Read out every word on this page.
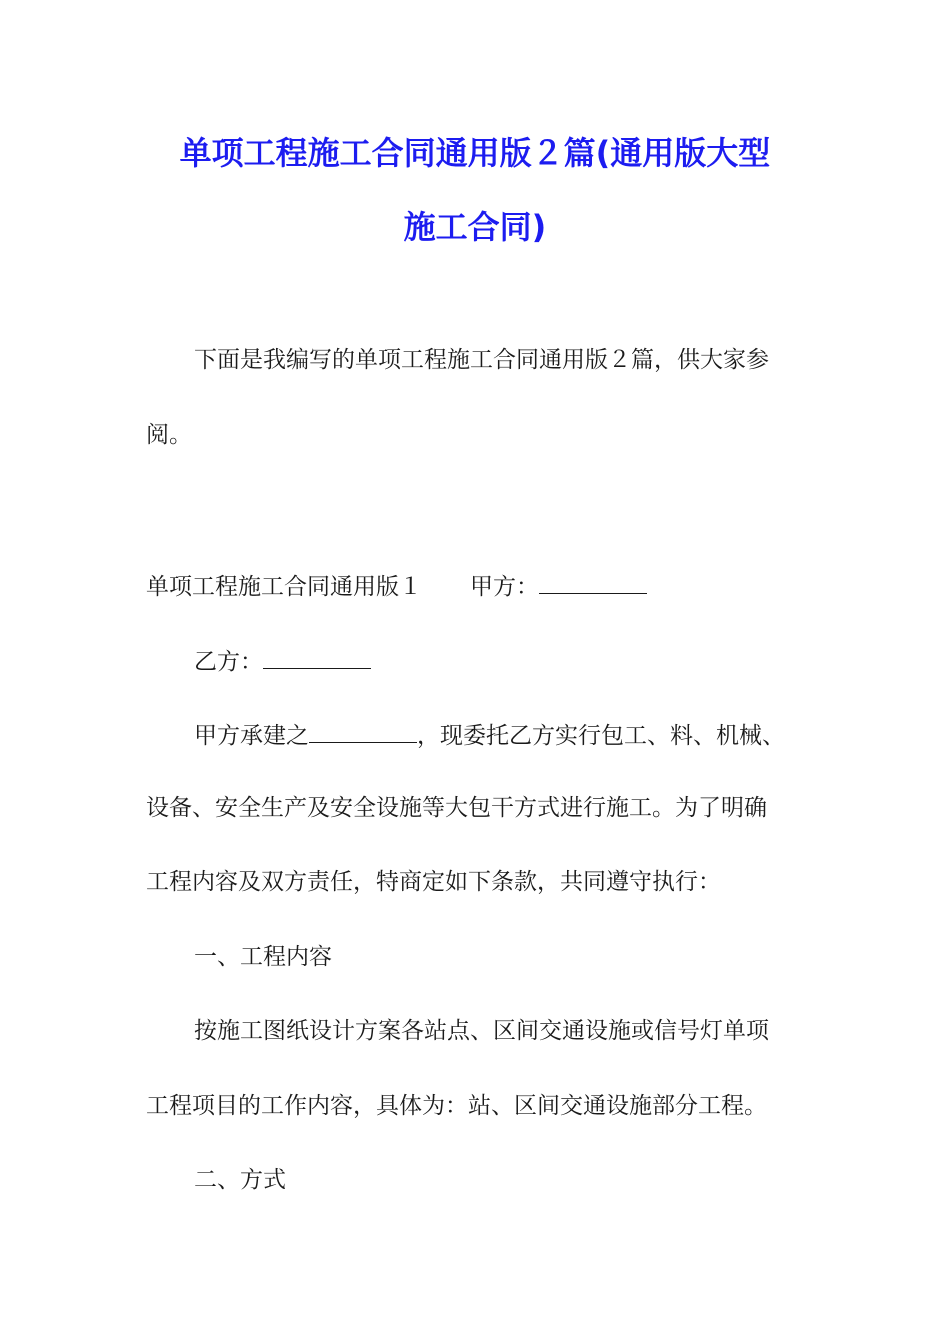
单项工程施工合同通用版２篇(通用版大型
施工合同)
下面是我编写的单项工程施工合同通用版２篇，供大家参
阅。
单项工程施工合同通用版１ 甲方：
乙方：
甲方承建之	，现委托乙方实行包工、料、机械、
设备、安全生产及安全设施等大包干方式进行施工。为了明确
工程内容及双方责任，特商定如下条款，共同遵守执行：
一、工程内容
按施工图纸设计方案各站点、区间交通设施或信号灯单项
工程项目的工作内容，具体为：站、区间交通设施部分工程。
二、方式
